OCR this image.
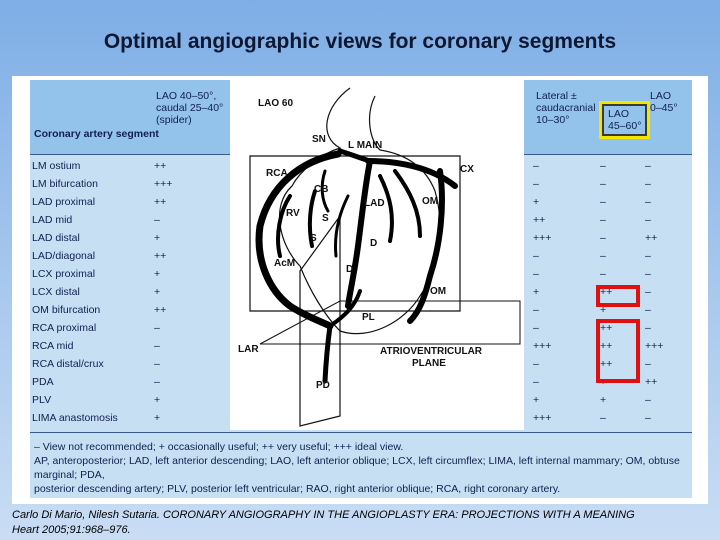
Optimal angiographic views for coronary segments
Coronary artery segment
LAO 40–50°,
caudal 25–40°
(spider)
Lateral ±
caudacranial
10–30°	LAO
45–60°
LAO
0–45°
LM ostium	++	–	–	–
LM bifurcation	+++	–	–	–
LAD proximal	++	+	–	–
LAD mid	–	++	–	–
LAD distal	+	+++	–	++
LAD/diagonal	++	–	–	–
LCX proximal	+	–	–	–
LCX distal	+	+	++	–
OM bifurcation	++	–	+	–
RCA proximal	–	–	++	–
RCA mid	–	+++	++	+++
RCA distal/crux	–	–	++	–
PDA	–	–	+	++
PLV	+	+	+	–
LIMA anastomosis	+	+++	–	–
– View not recommended; + occasionally useful; ++ very useful; +++ ideal view.
AP, anteroposterior; LAD, left anterior descending; LAO, left anterior oblique; LCX, left circumflex; LIMA, left internal mammary; OM, obtuse marginal; PDA,
posterior descending artery; PLV, posterior left ventricular; RAO, right anterior oblique; RCA, right coronary artery.
LAO 60
SN
L MAIN
RCA	CX
CB
LAD
RV S
S
OM
D
AcM
D
OM
PL
LAR	ATRIOVENTRICULAR
PLANE
PD
Carlo Di Mario, Nilesh Sutaria. CORONARY ANGIOGRAPHY IN THE ANGIOPLASTY ERA: PROJECTIONS WITH A MEANING
Heart 2005;91:968–976.
